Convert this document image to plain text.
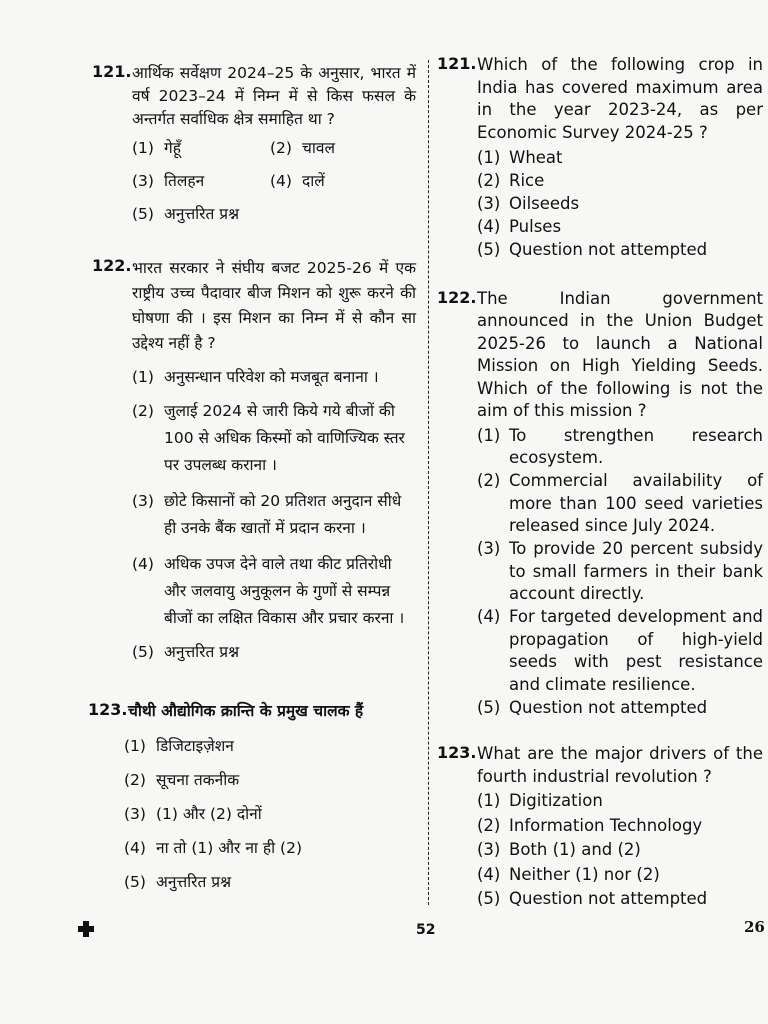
121. आर्थिक सर्वेक्षण 2024–25 के अनुसार, भारत में वर्ष 2023–24 में निम्न में से किस फसल के अन्तर्गत सर्वाधिक क्षेत्र समाहित था ?
(1) गेहूँ	(2) चावल
(3) तिलहन	(4) दालें
(5) अनुत्तरित प्रश्न
122. भारत सरकार ने संघीय बजट 2025-26 में एक राष्ट्रीय उच्च पैदावार बीज मिशन को शुरू करने की घोषणा की । इस मिशन का निम्न में से कौन सा उद्देश्य नहीं है ?
(1) अनुसन्धान परिवेश को मजबूत बनाना ।
(2) जुलाई 2024 से जारी किये गये बीजों की 100 से अधिक किस्मों को वाणिज्यिक स्तर पर उपलब्ध कराना ।
(3) छोटे किसानों को 20 प्रतिशत अनुदान सीधे ही उनके बैंक खातों में प्रदान करना ।
(4) अधिक उपज देने वाले तथा कीट प्रतिरोधी और जलवायु अनुकूलन के गुणों से सम्पन्न बीजों का लक्षित विकास और प्रचार करना ।
(5) अनुत्तरित प्रश्न
123. चौथी औद्योगिक क्रान्ति के प्रमुख चालक हैं
(1) डिजिटाइज़ेशन
(2) सूचना तकनीक
(3) (1) और (2) दोनों
(4) ना तो (1) और ना ही (2)
(5) अनुत्तरित प्रश्न
121. Which of the following crop in India has covered maximum area in the year 2023-24, as per Economic Survey 2024-25 ?
(1) Wheat
(2) Rice
(3) Oilseeds
(4) Pulses
(5) Question not attempted
122. The Indian government announced in the Union Budget 2025-26 to launch a National Mission on High Yielding Seeds. Which of the following is not the aim of this mission ?
(1) To strengthen research ecosystem.
(2) Commercial availability of more than 100 seed varieties released since July 2024.
(3) To provide 20 percent subsidy to small farmers in their bank account directly.
(4) For targeted development and propagation of high-yield seeds with pest resistance and climate resilience.
(5) Question not attempted
123. What are the major drivers of the fourth industrial revolution ?
(1) Digitization
(2) Information Technology
(3) Both (1) and (2)
(4) Neither (1) nor (2)
(5) Question not attempted
52	26
